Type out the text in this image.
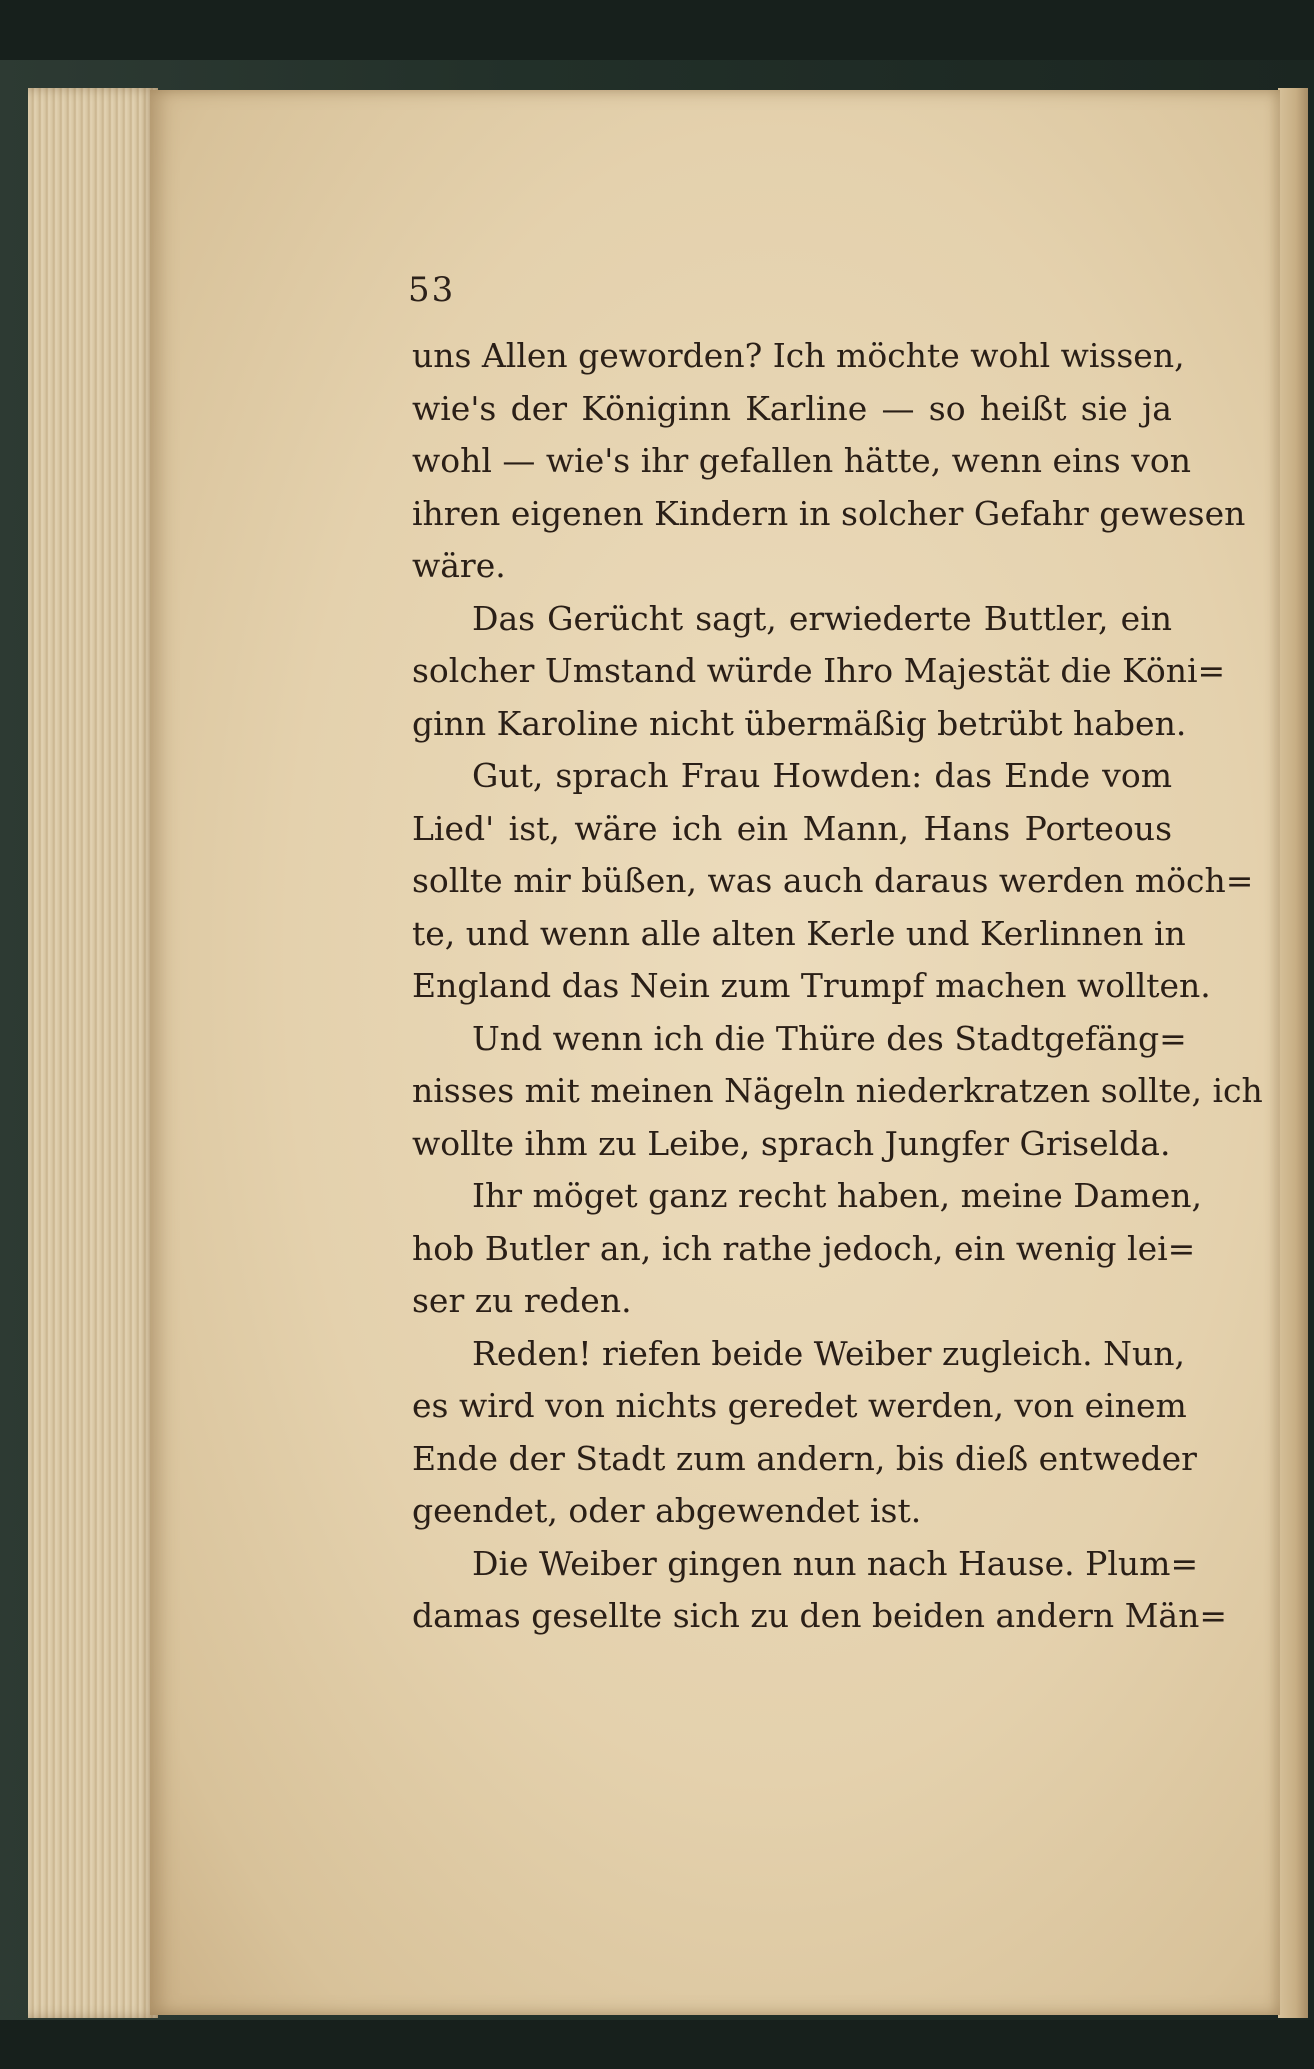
53
uns Allen geworden? Ich möchte wohl wissen,
wie's der Königinn Karline — so heißt sie ja
wohl — wie's ihr gefallen hätte, wenn eins von
ihren eigenen Kindern in solcher Gefahr gewesen
wäre.
Das Gerücht sagt, erwiederte Buttler, ein
solcher Umstand würde Ihro Majestät die Köni=
ginn Karoline nicht übermäßig betrübt haben.
Gut, sprach Frau Howden: das Ende vom
Lied' ist, wäre ich ein Mann, Hans Porteous
sollte mir büßen, was auch daraus werden möch=
te, und wenn alle alten Kerle und Kerlinnen in
England das Nein zum Trumpf machen wollten.
Und wenn ich die Thüre des Stadtgefäng=
nisses mit meinen Nägeln niederkratzen sollte, ich
wollte ihm zu Leibe, sprach Jungfer Griselda.
Ihr möget ganz recht haben, meine Damen,
hob Butler an, ich rathe jedoch, ein wenig lei=
ser zu reden.
Reden! riefen beide Weiber zugleich. Nun,
es wird von nichts geredet werden, von einem
Ende der Stadt zum andern, bis dieß entweder
geendet, oder abgewendet ist.
Die Weiber gingen nun nach Hause. Plum=
damas gesellte sich zu den beiden andern Män=
